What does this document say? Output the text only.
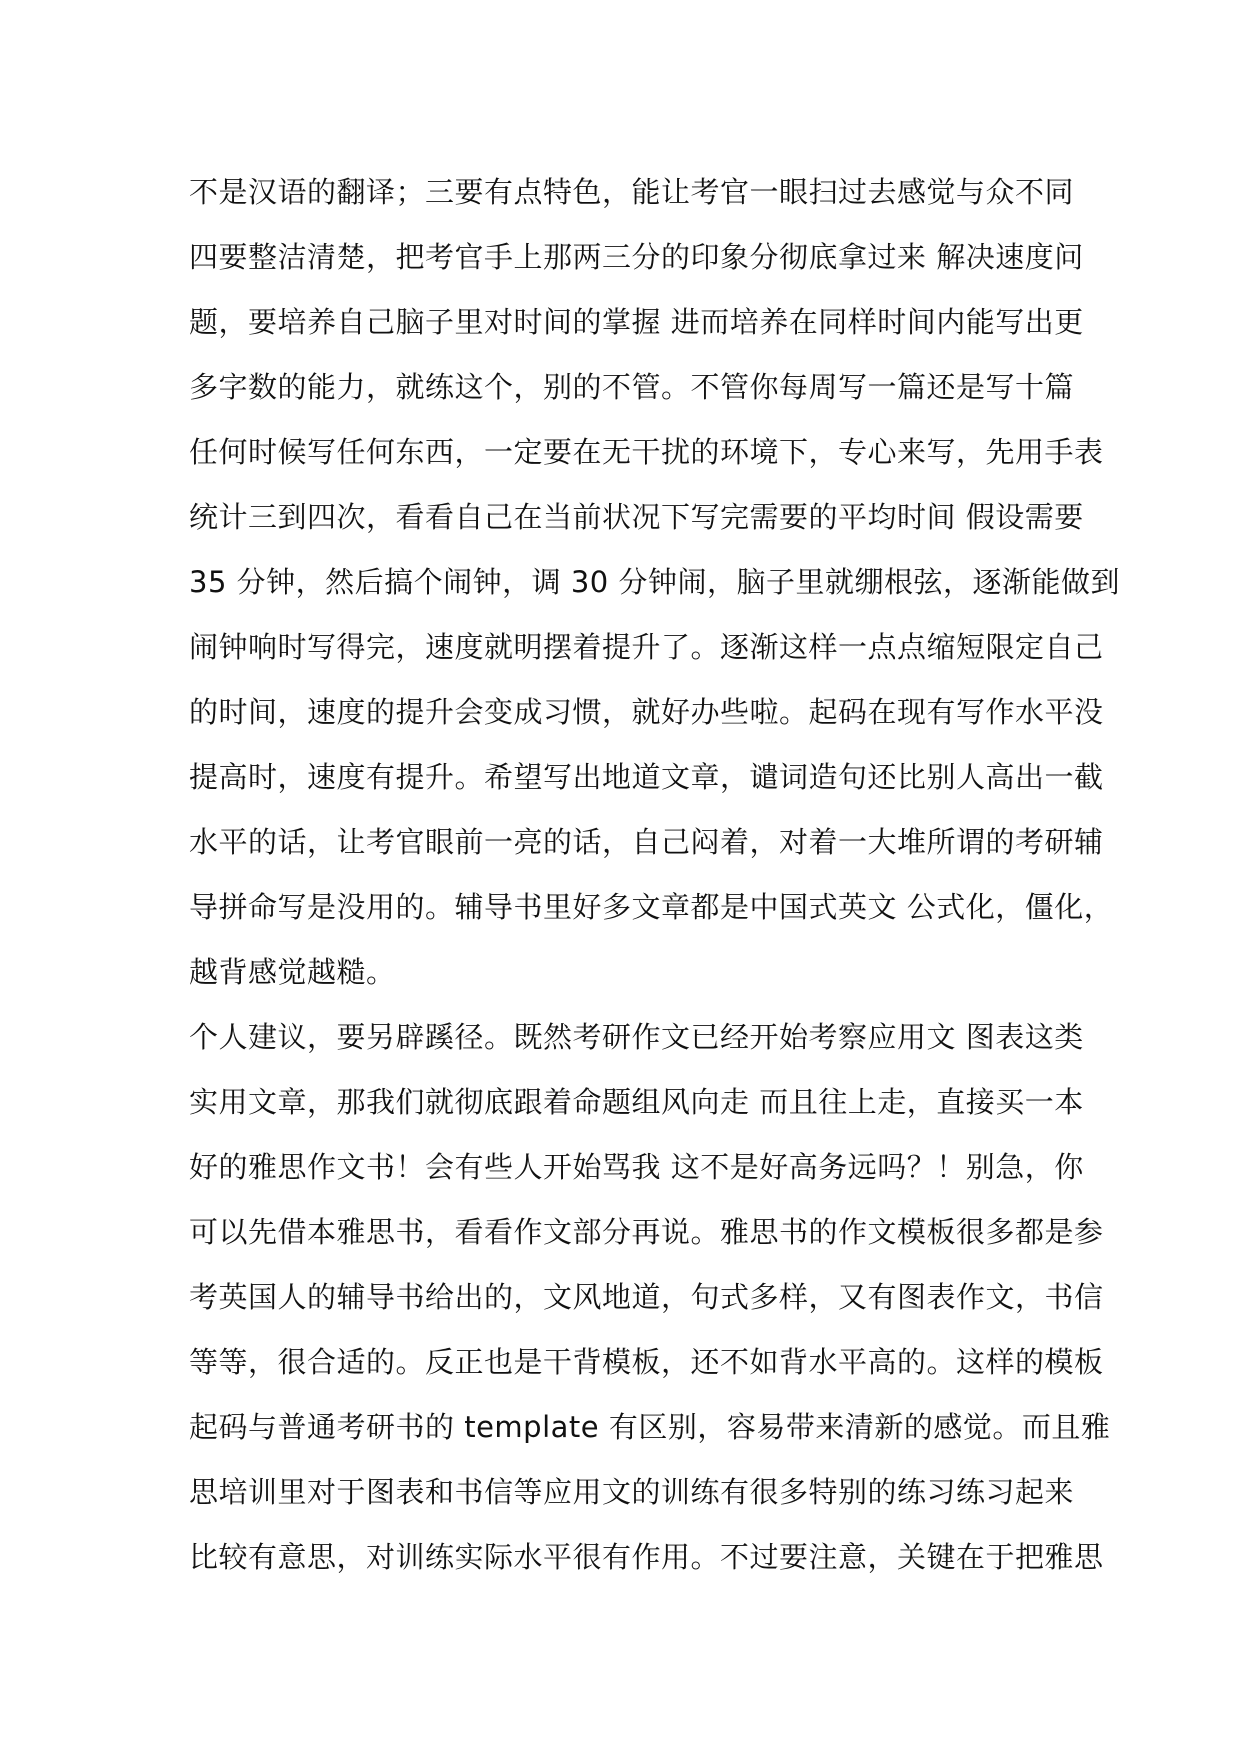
不是汉语的翻译；三要有点特色，能让考官一眼扫过去感觉与众不同
四要整洁清楚，把考官手上那两三分的印象分彻底拿过来 解决速度问
题，要培养自己脑子里对时间的掌握 进而培养在同样时间内能写出更
多字数的能力，就练这个，别的不管。不管你每周写一篇还是写十篇
任何时候写任何东西，一定要在无干扰的环境下，专心来写，先用手表
统计三到四次，看看自己在当前状况下写完需要的平均时间 假设需要
35 分钟，然后搞个闹钟，调 30 分钟闹，脑子里就绷根弦，逐渐能做到
闹钟响时写得完，速度就明摆着提升了。逐渐这样一点点缩短限定自己
的时间，速度的提升会变成习惯，就好办些啦。起码在现有写作水平没
提高时，速度有提升。希望写出地道文章，谴词造句还比别人高出一截
水平的话，让考官眼前一亮的话，自己闷着，对着一大堆所谓的考研辅
导拼命写是没用的。辅导书里好多文章都是中国式英文 公式化，僵化，
越背感觉越糙。
个人建议，要另辟蹊径。既然考研作文已经开始考察应用文 图表这类
实用文章，那我们就彻底跟着命题组风向走 而且往上走，直接买一本
好的雅思作文书！会有些人开始骂我 这不是好高务远吗？！别急，你
可以先借本雅思书，看看作文部分再说。雅思书的作文模板很多都是参
考英国人的辅导书给出的，文风地道，句式多样，又有图表作文，书信
等等，很合适的。反正也是干背模板，还不如背水平高的。这样的模板
起码与普通考研书的 template 有区别，容易带来清新的感觉。而且雅
思培训里对于图表和书信等应用文的训练有很多特别的练习练习起来
比较有意思，对训练实际水平很有作用。不过要注意，关键在于把雅思
